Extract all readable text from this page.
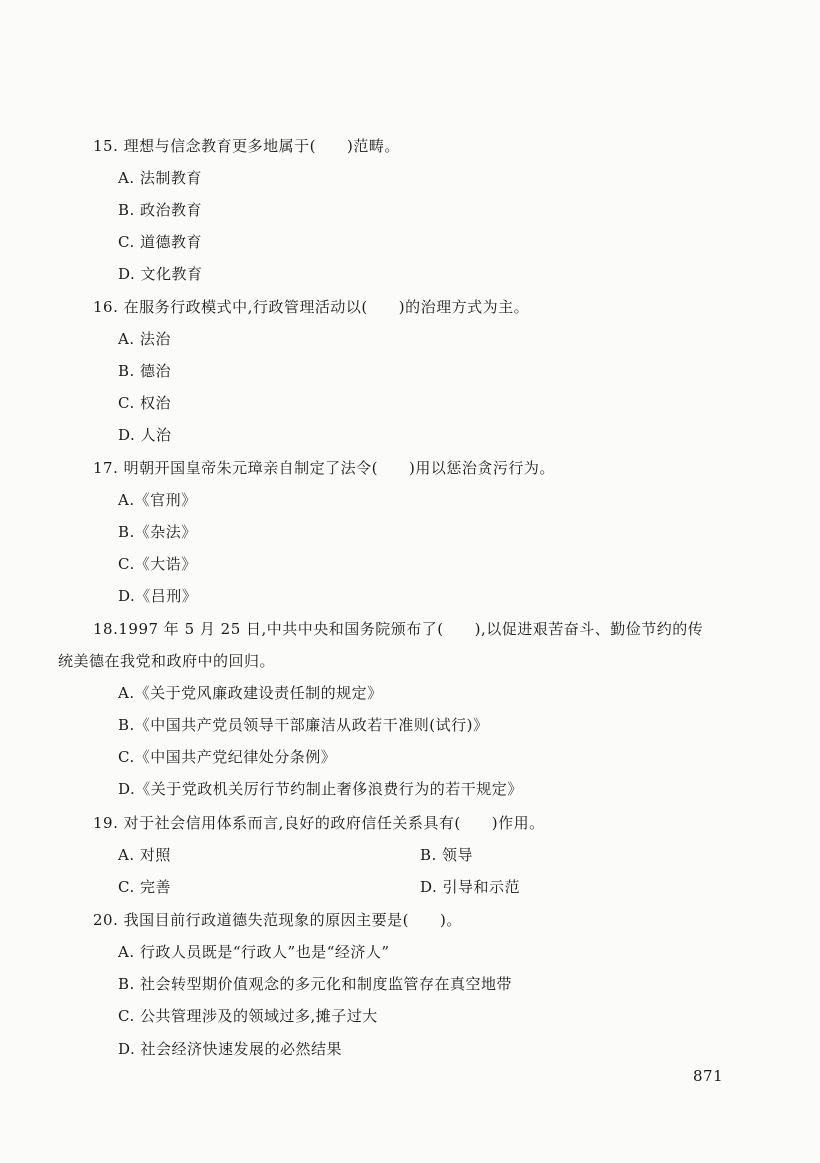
15. 理想与信念教育更多地属于(　　)范畴。
A. 法制教育
B. 政治教育
C. 道德教育
D. 文化教育
16. 在服务行政模式中,行政管理活动以(　　)的治理方式为主。
A. 法治
B. 德治
C. 权治
D. 人治
17. 明朝开国皇帝朱元璋亲自制定了法令(　　)用以惩治贪污行为。
A.《官刑》
B.《杂法》
C.《大诰》
D.《吕刑》
18.1997 年 5 月 25 日,中共中央和国务院颁布了(　　),以促进艰苦奋斗、勤俭节约的传
统美德在我党和政府中的回归。
A.《关于党风廉政建设责任制的规定》
B.《中国共产党员领导干部廉洁从政若干准则(试行)》
C.《中国共产党纪律处分条例》
D.《关于党政机关厉行节约制止奢侈浪费行为的若干规定》
19. 对于社会信用体系而言,良好的政府信任关系具有(　　)作用。
A. 对照	B. 领导
C. 完善	D. 引导和示范
20. 我国目前行政道德失范现象的原因主要是(　　)。
A. 行政人员既是“行政人”也是“经济人”
B. 社会转型期价值观念的多元化和制度监管存在真空地带
C. 公共管理涉及的领域过多,摊子过大
D. 社会经济快速发展的必然结果
871
